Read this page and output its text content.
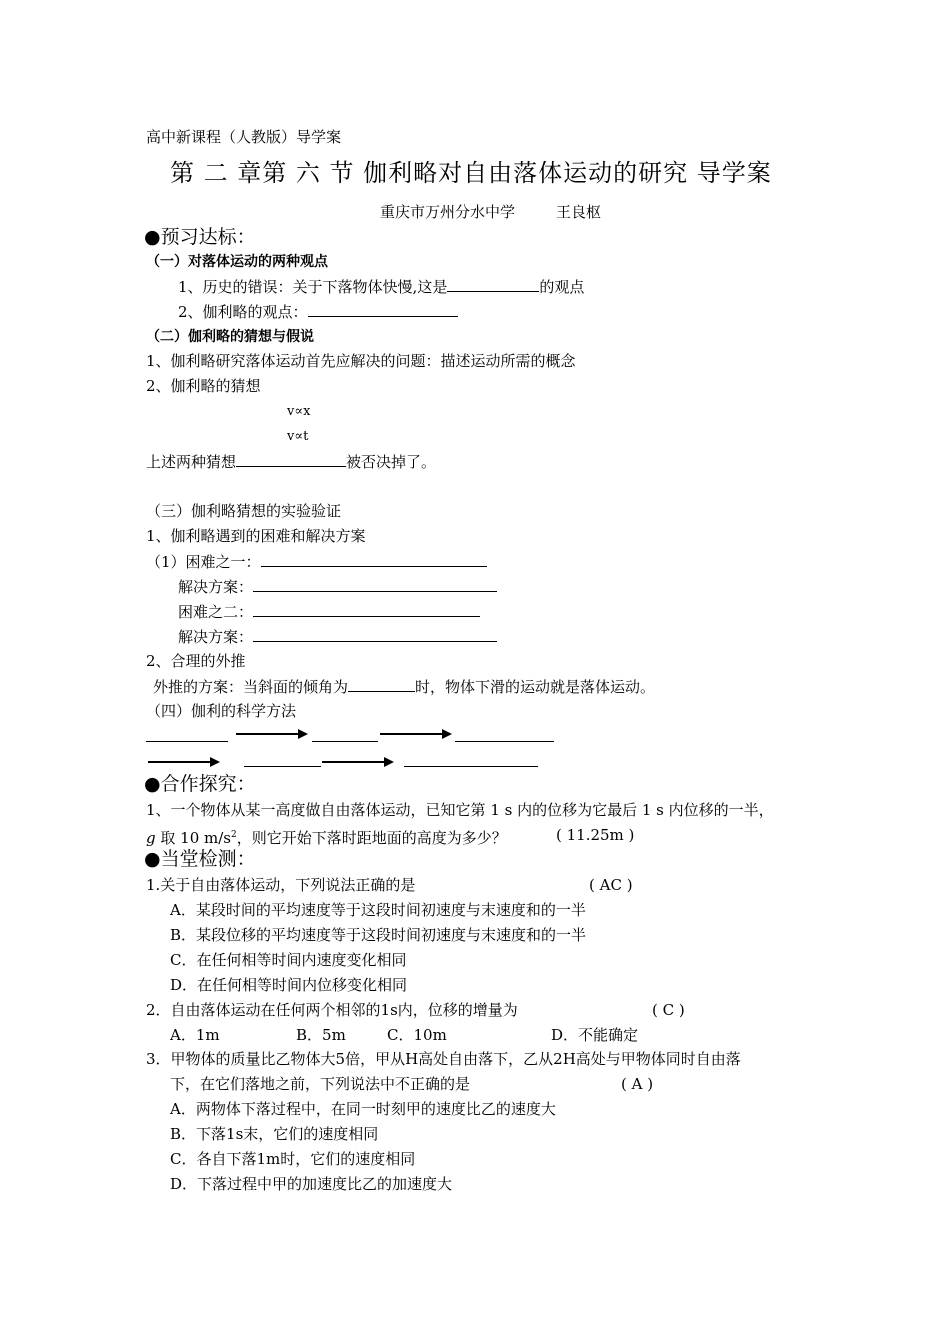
高中新课程（人教版）导学案
第 二 章第 六 节 伽利略对自由落体运动的研究 导学案
重庆市万州分水中学	王良枢
●预习达标：
（一）对落体运动的两种观点
1、历史的错误：关于下落物体快慢,这是	的观点
2、伽利略的观点：
（二）伽利略的猜想与假说
1、伽利略研究落体运动首先应解决的问题：描述运动所需的概念
2、伽利略的猜想
v∝x
v∝t
上述两种猜想	被否决掉了。
（三）伽利略猜想的实验验证
1、伽利略遇到的困难和解决方案
（1）困难之一：
解决方案：
困难之二：
解决方案：
2、合理的外推
外推的方案：当斜面的倾角为	时，物体下滑的运动就是落体运动。
（四）伽利的科学方法
●合作探究：
1、一个物体从某一高度做自由落体运动，已知它第 1 s 内的位移为它最后 1 s 内位移的一半，
g 取 10 $m/s^2$，则它开始下落时距地面的高度为多少？	( 11.25m )
●当堂检测：
1.关于自由落体运动，下列说法正确的是	( AC )
A．某段时间的平均速度等于这段时间初速度与末速度和的一半
B．某段位移的平均速度等于这段时间初速度与末速度和的一半
C．在任何相等时间内速度变化相同
D．在任何相等时间内位移变化相同
2．自由落体运动在任何两个相邻的1s内，位移的增量为	( C )
A．1m	B．5m	C．10m	D．不能确定
3．甲物体的质量比乙物体大5倍，甲从H高处自由落下，乙从2H高处与甲物体同时自由落
下，在它们落地之前，下列说法中不正确的是	( A )
A．两物体下落过程中，在同一时刻甲的速度比乙的速度大
B．下落1s末，它们的速度相同
C．各自下落1m时，它们的速度相同
D．下落过程中甲的加速度比乙的加速度大
